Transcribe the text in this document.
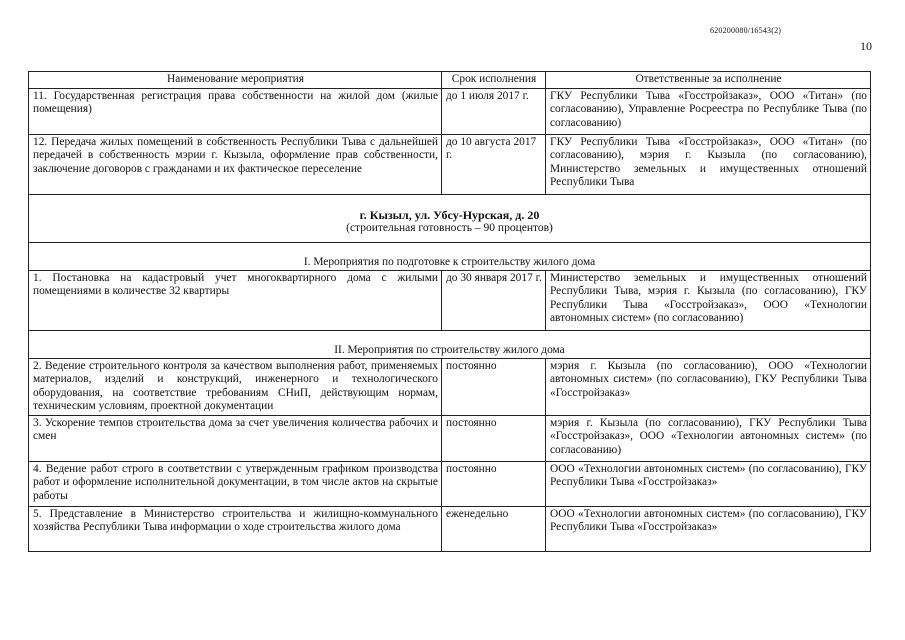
620200080/16543(2)
10
Наименование мероприятия	Срок исполнения	Ответственные за исполнение
11. Государственная регистрация права собственности на жилой дом (жилые помещения)	до 1 июля 2017 г.	ГКУ Республики Тыва «Госстройзаказ», ООО «Титан» (по согласованию), Управление Росреестра по Республике Тыва (по согласованию)
12. Передача жилых помещений в собственность Республики Тыва с дальнейшей передачей в собственность мэрии г. Кызыла, оформление прав собственности, заключение договоров с гражданами и их фактическое переселение	до 10 августа 2017 г.	ГКУ Республики Тыва «Госстройзаказ», ООО «Титан» (по согласованию), мэрия г. Кызыла (по согласованию), Министерство земельных и имущественных отношений Республики Тыва

г. Кызыл, ул. Убсу-Нурская, д. 20
(строительная готовность – 90 процентов)		

I. Мероприятия по подготовке к строительству жилого дома		
1. Постановка на кадастровый учет многоквартирного дома с жилыми помещениями в количестве 32 квартиры	до 30 января 2017 г.	Министерство земельных и имущественных отношений Республики Тыва, мэрия г. Кызыла (по согласованию), ГКУ Республики Тыва «Госстройзаказ», ООО «Технологии автономных систем» (по согласованию)
II. Мероприятия по строительству жилого дома		
2. Ведение строительного контроля за качеством выполнения работ, применяемых материалов, изделий и конструкций, инженерного и технологического оборудования, на соответствие требованиям СНиП, действующим нормам, техническим условиям, проектной документации	постоянно	мэрия г. Кызыла (по согласованию), ООО «Технологии автономных систем» (по согласованию), ГКУ Республики Тыва «Госстройзаказ»
3. Ускорение темпов строительства дома за счет увеличения количества рабочих и смен	постоянно	мэрия г. Кызыла (по согласованию), ГКУ Республики Тыва «Госстройзаказ», ООО «Технологии автономных систем» (по согласованию)
4. Ведение работ строго в соответствии с утвержденным графиком производства работ и оформление исполнительной документации, в том числе актов на скрытые работы	постоянно	ООО «Технологии автономных систем» (по согласованию), ГКУ Республики Тыва «Госстройзаказ»
5. Представление в Министерство строительства и жилищно-коммунального хозяйства Республики Тыва информации о ходе строительства жилого дома	еженедельно	ООО «Технологии автономных систем» (по согласованию), ГКУ Республики Тыва «Госстройзаказ»
